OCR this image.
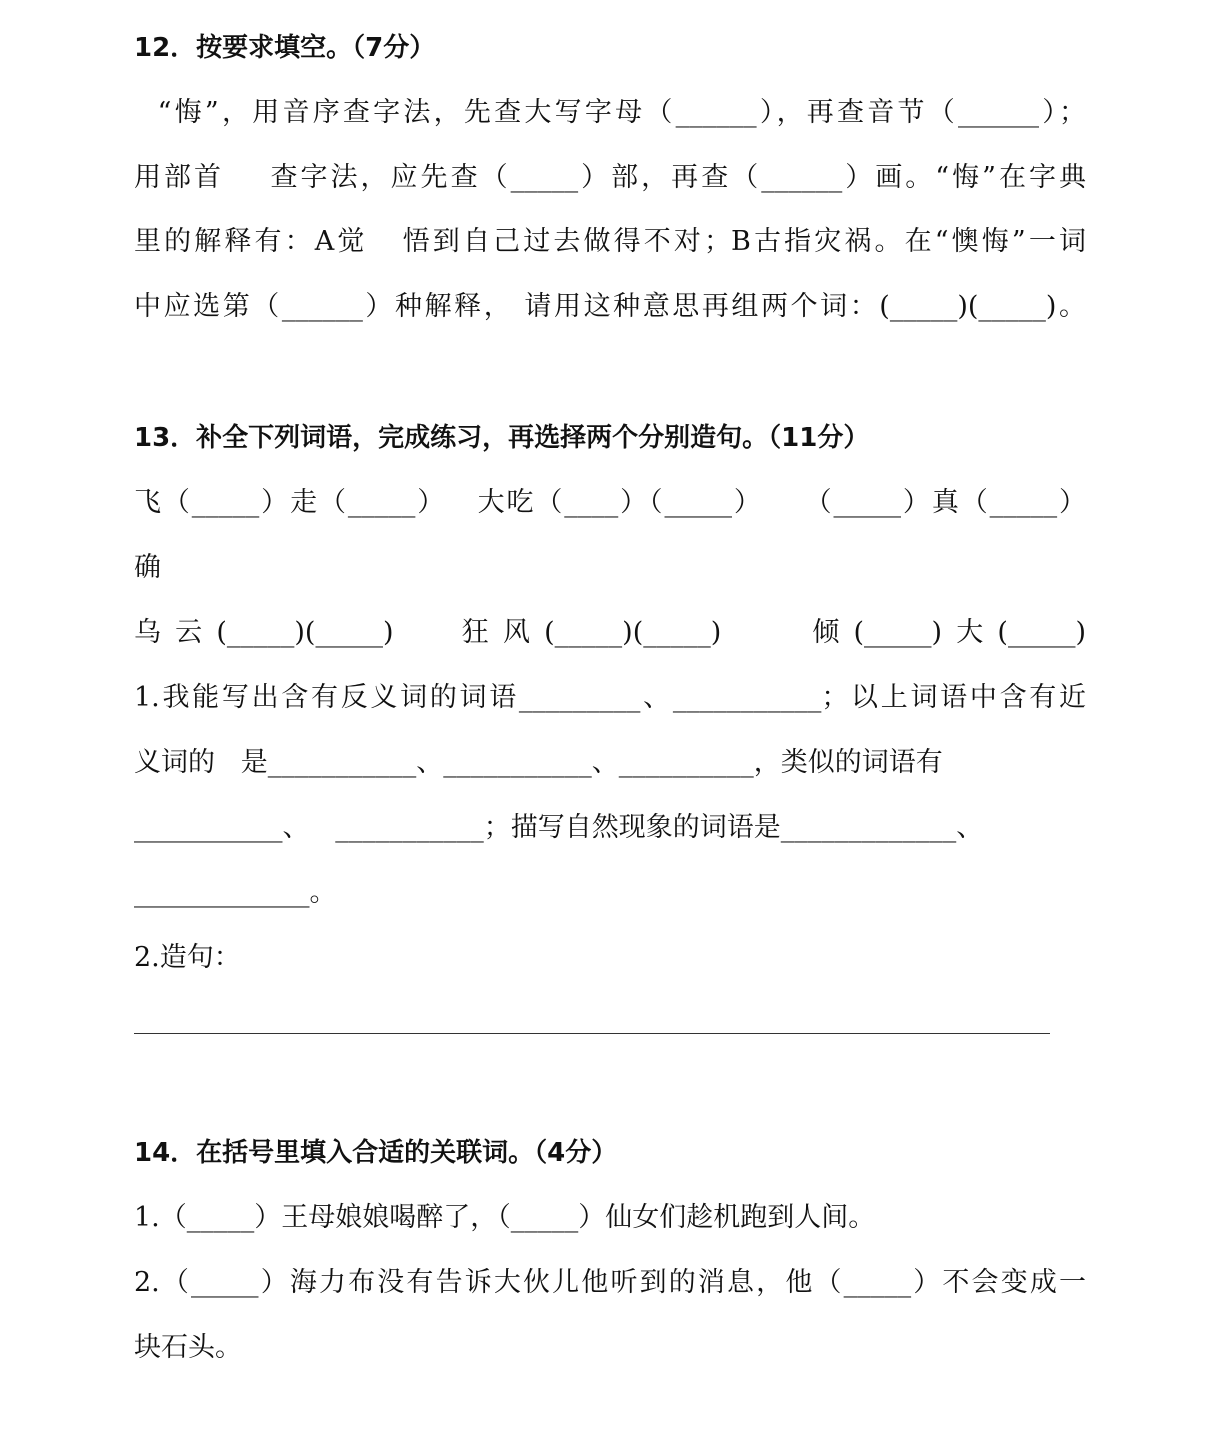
12．按要求填空。（7分）
“悔”，用音序查字法，先查大写字母（______），再查音节（______）；
用部首    查字法，应先查（_____）部，再查（______）画。“悔”在字典
里的解释有：A觉   悟到自己过去做得不对；B古指灾祸。在“懊悔”一词
中应选第（______）种解释， 请用这种意思再组两个词：(_____)(_____)。
13．补全下列词语，完成练习，再选择两个分别造句。（11分）
飞（_____）走（_____）   大吃（____）（_____）    （_____）真（_____）
确
乌云(_____)(_____)   狂风(_____)(_____)    倾(_____)大(_____)
1.我能写出含有反义词的词语_________、___________；以上词语中含有近
义词的   是___________、___________、__________，类似的词语有
___________、   ___________；描写自然现象的词语是_____________、
_____________。
2.造句：
14．在括号里填入合适的关联词。（4分）
1.（_____）王母娘娘喝醉了，（_____）仙女们趁机跑到人间。
2.（_____）海力布没有告诉大伙儿他听到的消息，他（_____）不会变成一
块石头。
